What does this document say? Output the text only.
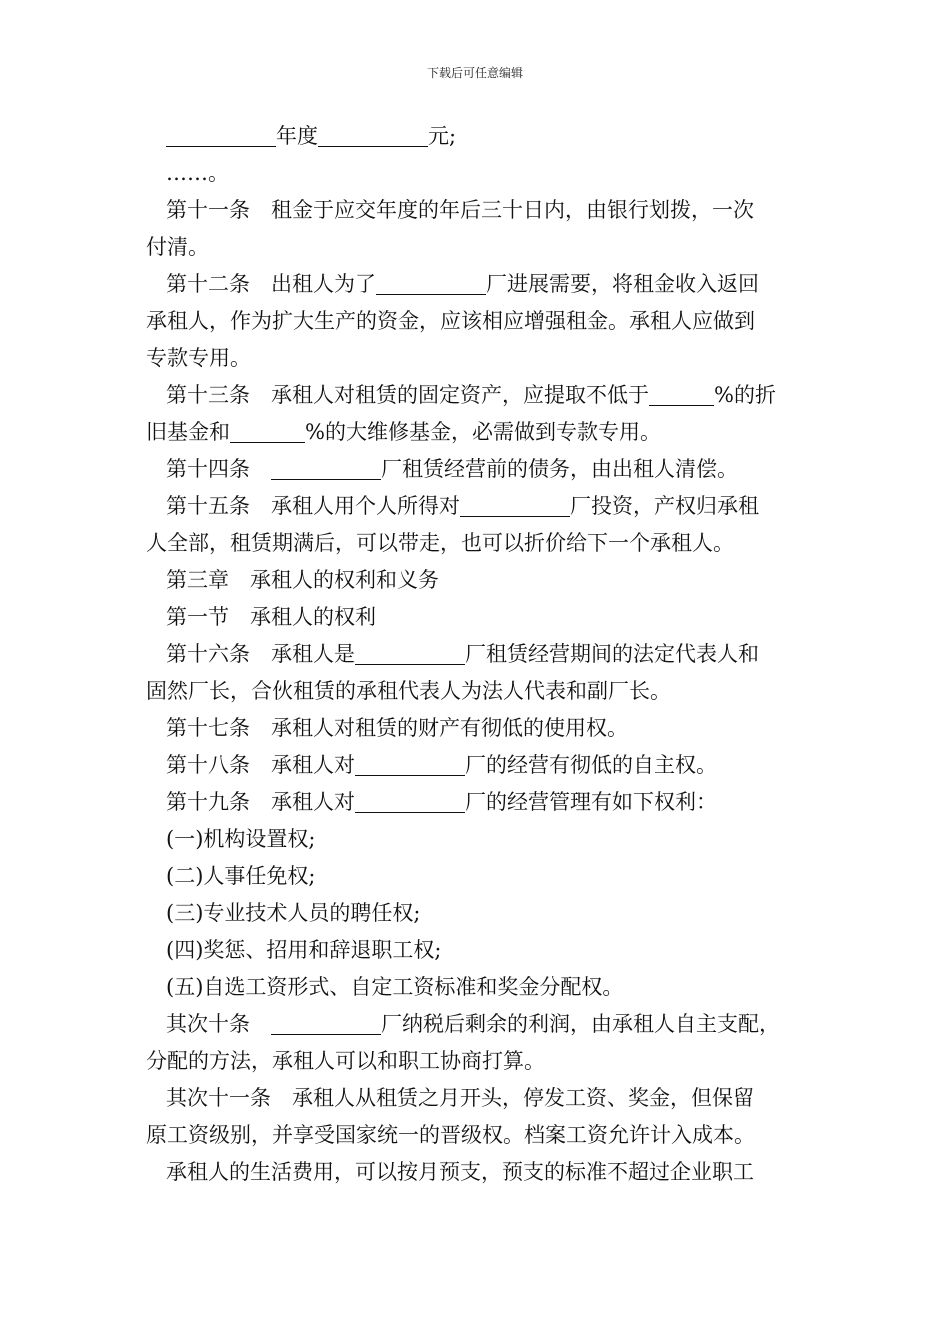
下载后可任意编辑
年度	元;
……。
第十一条　租金于应交年度的年后三十日内，由银行划拨，一次
付清。
第十二条　出租人为了	厂进展需要，将租金收入返回
承租人，作为扩大生产的资金，应该相应增强租金。承租人应做到
专款专用。
第十三条　承租人对租赁的固定资产，应提取不低于	%的折
旧基金和	%的大维修基金，必需做到专款专用。
第十四条　	厂租赁经营前的债务，由出租人清偿。
第十五条　承租人用个人所得对	厂投资，产权归承租
人全部，租赁期满后，可以带走，也可以折价给下一个承租人。
第三章　承租人的权利和义务
第一节　承租人的权利
第十六条　承租人是	厂租赁经营期间的法定代表人和
固然厂长，合伙租赁的承租代表人为法人代表和副厂长。
第十七条　承租人对租赁的财产有彻低的使用权。
第十八条　承租人对	厂的经营有彻低的自主权。
第十九条　承租人对	厂的经营管理有如下权利：
(一)机构设置权;
(二)人事任免权;
(三)专业技术人员的聘任权;
(四)奖惩、招用和辞退职工权;
(五)自选工资形式、自定工资标准和奖金分配权。
其次十条　	厂纳税后剩余的利润，由承租人自主支配，
分配的方法，承租人可以和职工协商打算。
其次十一条　承租人从租赁之月开头，停发工资、奖金，但保留
原工资级别，并享受国家统一的晋级权。档案工资允许计入成本。
承租人的生活费用，可以按月预支，预支的标准不超过企业职工
